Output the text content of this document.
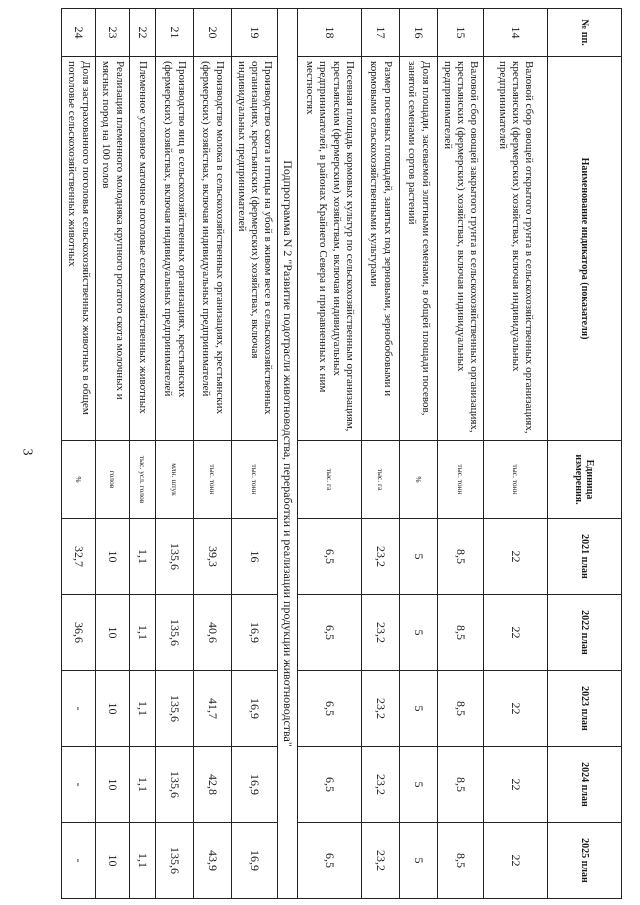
3
№ пп.	Наименование индикатора (показателя)	Единица измерения.	2021 план	2022 план	2023 план	2024 план	2025 план
14	Валовой сбор овощей открытого грунта в сельскохозяйственных организациях, крестьянских (фермерских) хозяйствах, включая индивидуальных предпринимателей	тыс. тонн	22	22	22	22	22
15	Валовой сбор овощей закрытого грунта в сельскохозяйственных организациях, крестьянских (фермерских) хозяйствах, включая индивидуальных предпринимателей	тыс. тонн	8,5	8,5	8,5	8,5	8,5
16	Доля площади, засеваемой элитными семенами, в общей площади посевов, занятой семенами сортов растений	%	5	5	5	5	5
17	Размер посевных площадей, занятых под зерновыми, зернобобовыми и кормовыми сельскохозяйственными культурами	тыс. га	23,2	23,2	23,2	23,2	23,2
18	Посевная площадь кормовых культур по сельскохозяйственным организациям, крестьянским (фермерским) хозяйствам, включая индивидуальных предпринимателей, в районах Крайнего Севера и приравненных к ним местностях	тыс. га	6,5	6,5	6,5	6,5	6,5
Подпрограмма N 2 "Развитие подотрасли животноводства, переработки и реализации продукции животноводства"							
19	Производство скота и птицы на убой в живом весе в сельскохозяйственных организациях, крестьянских (фермерских) хозяйствах, включая индивидуальных предпринимателей	тыс. тонн	16	16,9	16,9	16,9	16,9
20	Производство молока в сельскохозяйственных организациях, крестьянских (фермерских) хозяйствах, включая индивидуальных предпринимателей	тыс. тонн	39,3	40,6	41,7	42,8	43,9
21	Производство яиц в сельскохозяйственных организациях, крестьянских (фермерских) хозяйствах, включая индивидуальных предпринимателей	млн. штук	135,6	135,6	135,6	135,6	135,6
22	Племенное условное маточное поголовье сельскохозяйственных животных	тыс. усл. голов	1,1	1,1	1,1	1,1	1,1
23	Реализация племенного молодняка крупного рогатого скота молочных и мясных пород на 100 голов	голов	10	10	10	10	10
24	Доля застрахованного поголовья сельскохозяйственных животных в общем поголовье сельскохозяйственных животных	%	32,7	36,6	-	-	-
